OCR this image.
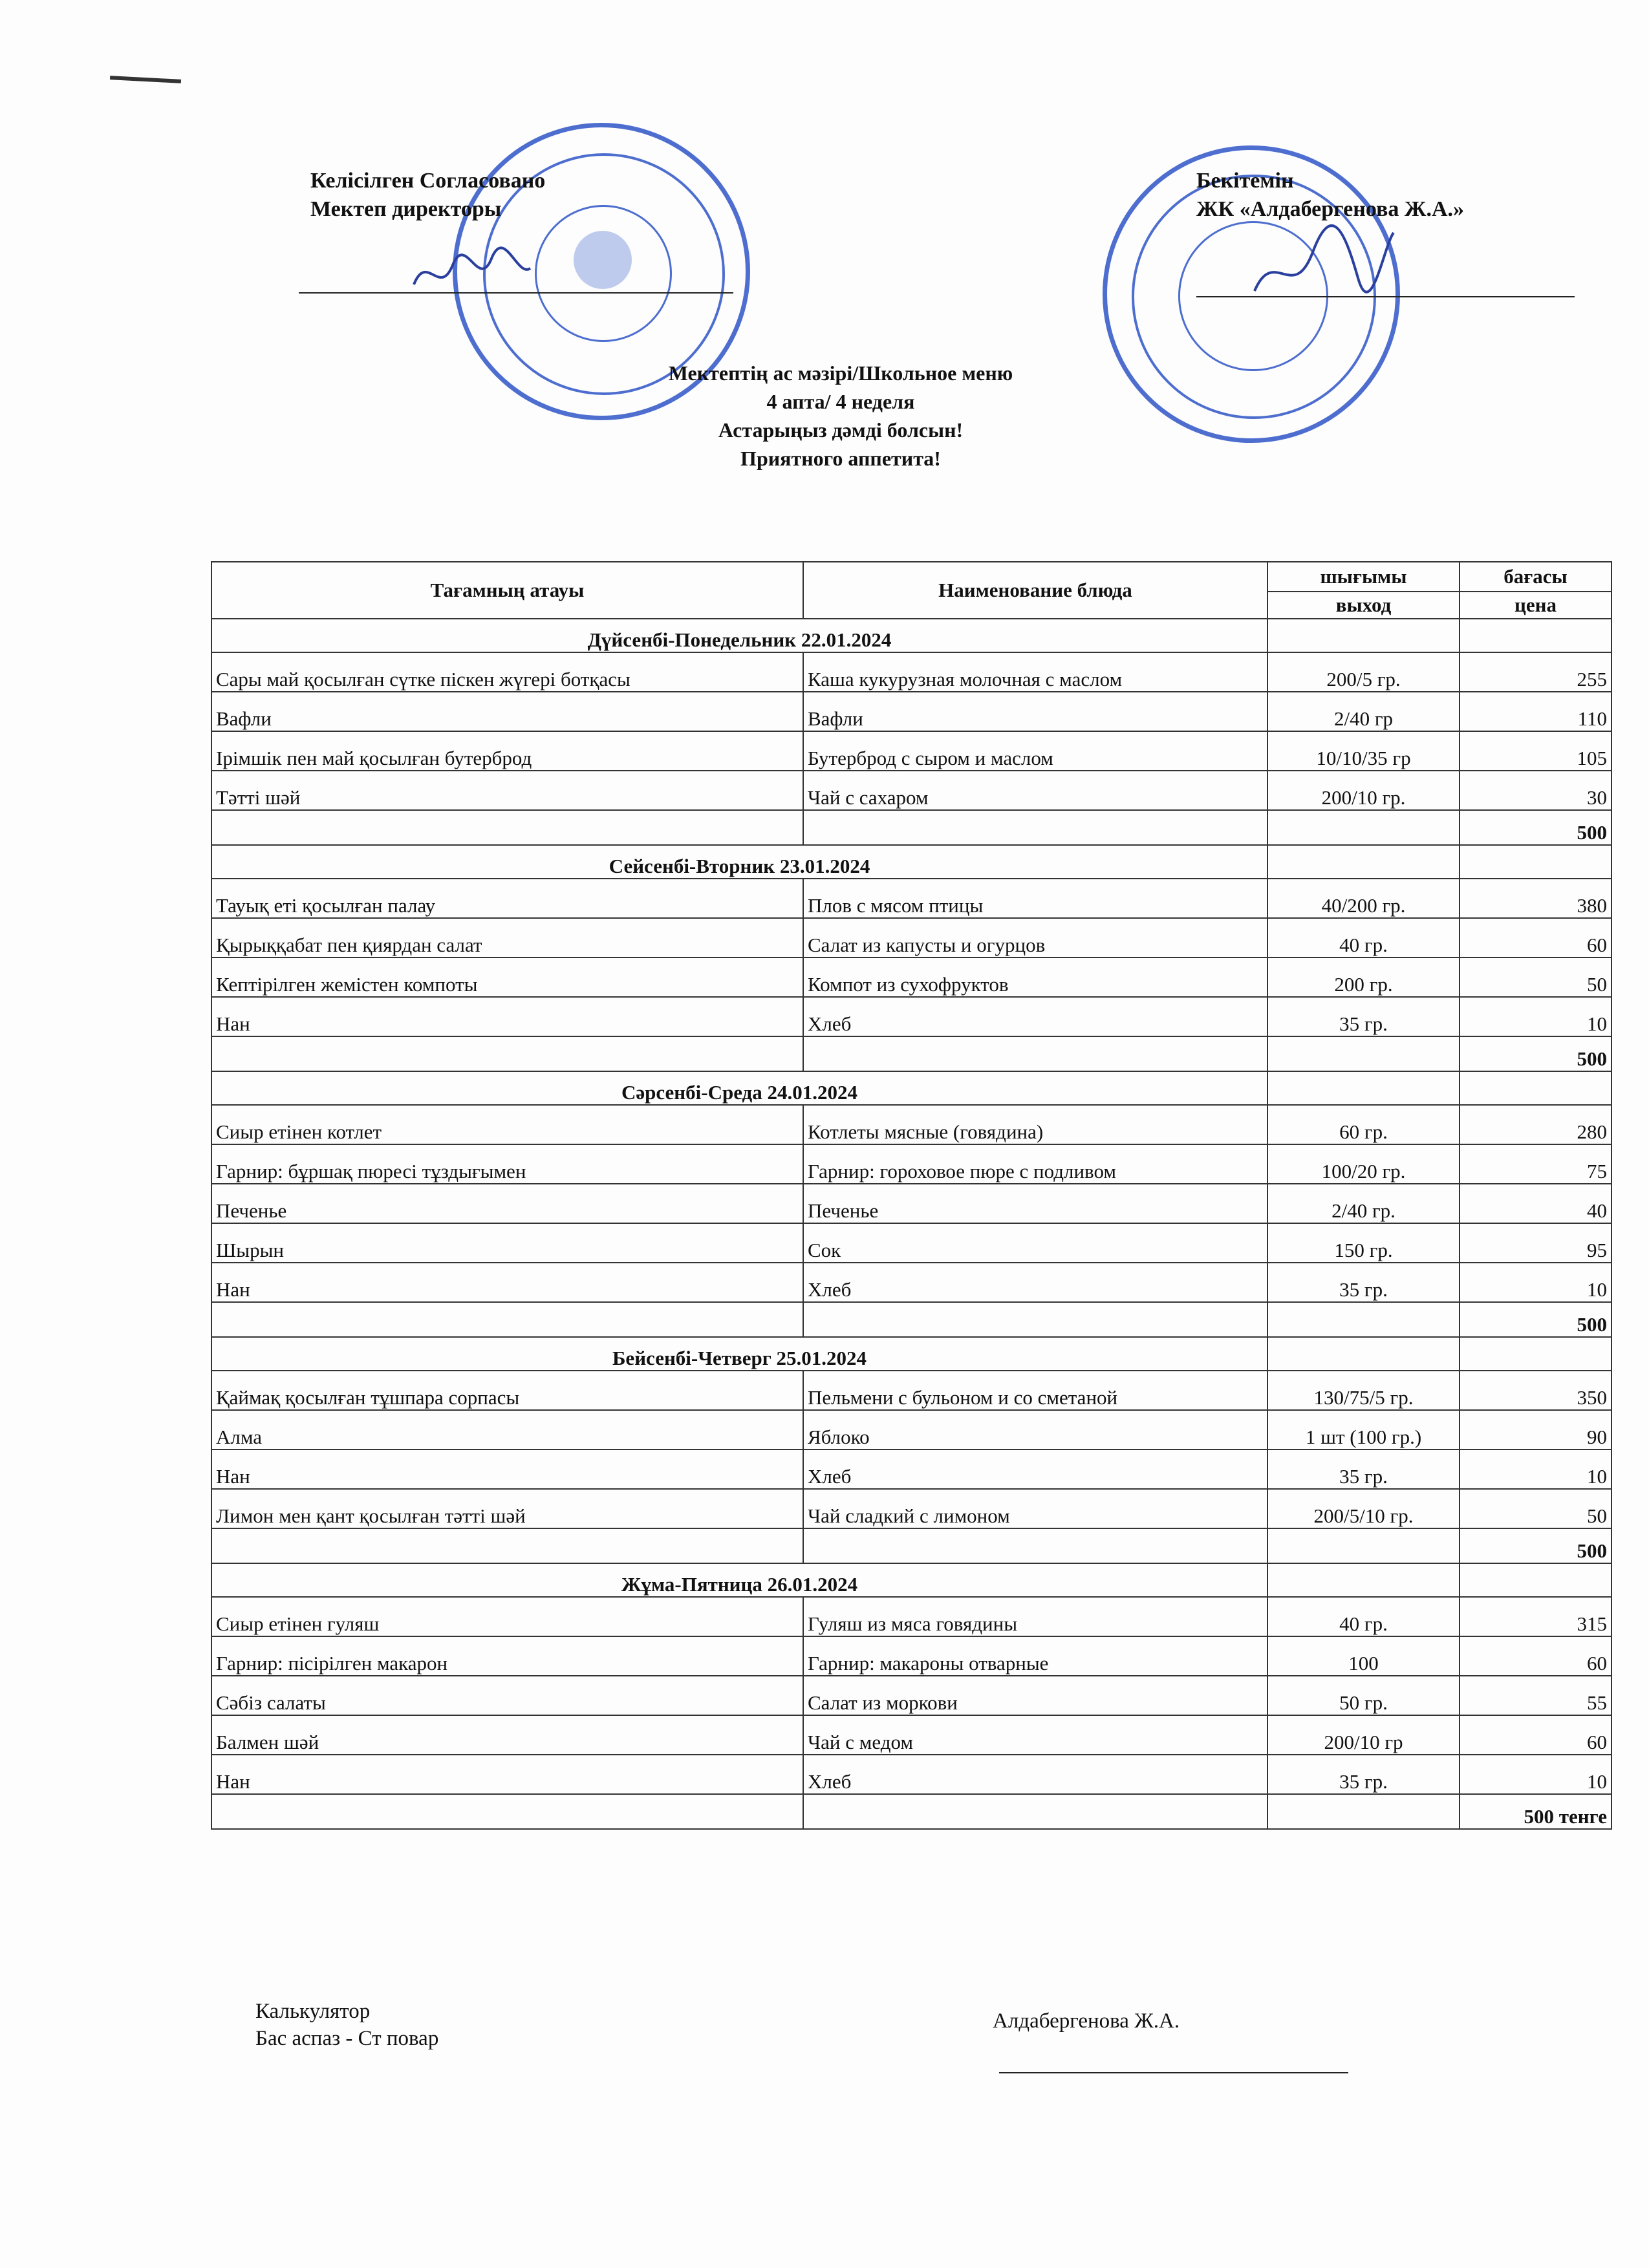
Келісілген Согласовано
Мектеп директоры
Бекітемін
ЖК «Алдабергенова Ж.А.»
Мектептің ас мәзірі/Школьное меню
4 апта/ 4 неделя
Астарыңыз дәмді болсын!
Приятного аппетита!
Тағамның атауы	Наименование блюда	шығымы	бағасы
		выход	цена
Дүйсенбі-Понедельник 22.01.2024			
Сары май қосылған сүтке піскен жүгері ботқасы	Каша кукурузная молочная с маслом	200/5 гр.	255
Вафли	Вафли	2/40 гр	110
Ірімшік пен май қосылған бутерброд	Бутерброд с сыром и маслом	10/10/35 гр	105
Тәтті шәй	Чай с сахаром	200/10 гр.	30
			500
Сейсенбі-Вторник 23.01.2024			
Тауық еті қосылған палау	Плов с мясом птицы	40/200 гр.	380
Қырыққабат пен қиярдан салат	Салат из капусты и огурцов	40 гр.	60
Кептірілген жемістен компоты	Компот из сухофруктов	200 гр.	50
Нан	Хлеб	35 гр.	10
			500
Сәрсенбі-Среда 24.01.2024			
Сиыр етінен котлет	Котлеты мясные (говядина)	60 гр.	280
Гарнир: бұршақ пюресі тұздығымен	Гарнир: гороховое пюре с подливом	100/20 гр.	75
Печенье	Печенье	2/40 гр.	40
Шырын	Сок	150 гр.	95
Нан	Хлеб	35 гр.	10
			500
Бейсенбі-Четверг 25.01.2024			
Қаймақ қосылған тұшпара сорпасы	Пельмени с бульоном и со сметаной	130/75/5 гр.	350
Алма	Яблоко	1 шт (100 гр.)	90
Нан	Хлеб	35 гр.	10
Лимон мен қант қосылған тәтті шәй	Чай сладкий с лимоном	200/5/10 гр.	50
			500
Жұма-Пятница 26.01.2024			
Сиыр етінен гуляш	Гуляш из мяса говядины	40 гр.	315
Гарнир: пісірілген макарон	Гарнир: макароны отварные	100	60
Сәбіз салаты	Салат из моркови	50 гр.	55
Балмен шәй	Чай с медом	200/10 гр	60
Нан	Хлеб	35 гр.	10
			500 тенге
Калькулятор
Бас аспаз - Ст повар
Алдабергенова Ж.А.
